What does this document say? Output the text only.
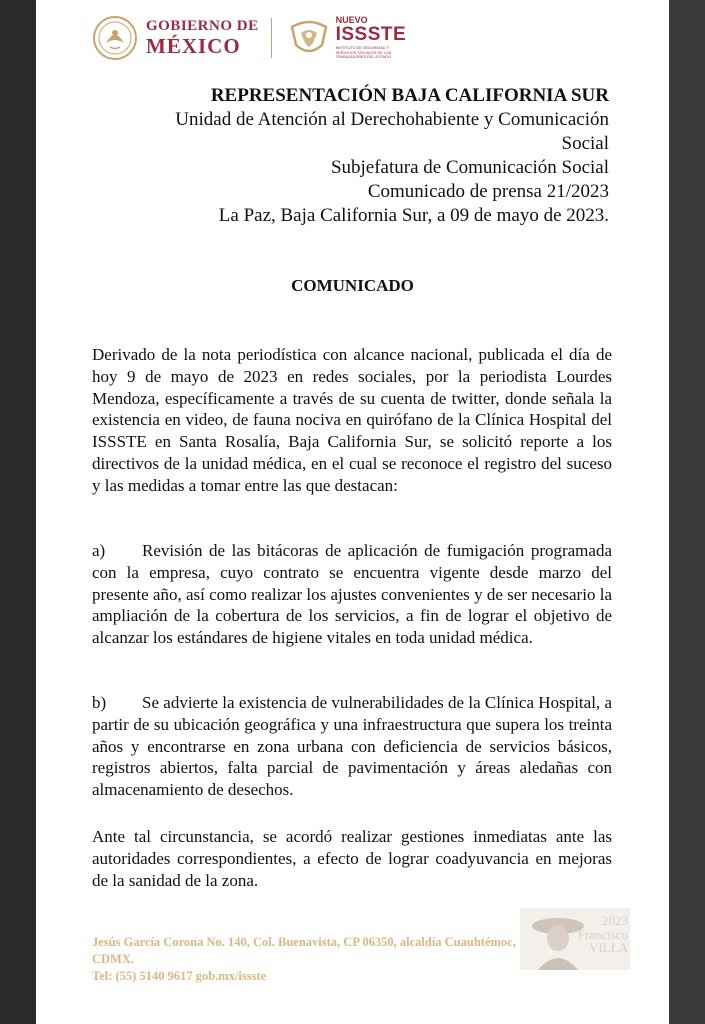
GOBIERNO DE
MÉXICO
NUEVO
ISSSTE
INSTITUTO DE SEGURIDAD Y SERVICIOS SOCIALES DE LOS TRABAJADORES DEL ESTADO
REPRESENTACIÓN BAJA CALIFORNIA SUR
Unidad de Atención al Derechohabiente y Comunicación
Social
Subjefatura de Comunicación Social
Comunicado de prensa 21/2023
La Paz, Baja California Sur, a 09 de mayo de 2023.
COMUNICADO
Derivado de la nota periodística con alcance nacional, publicada el día de hoy 9 de mayo de 2023 en redes sociales, por la periodista Lourdes Mendoza, específicamente a través de su cuenta de twitter, donde señala la existencia en video, de fauna nociva en quirófano de la Clínica Hospital del ISSSTE en Santa Rosalía, Baja California Sur, se solicitó reporte a los directivos de la unidad médica, en el cual se reconoce el registro del suceso y las medidas a tomar entre las que destacan:
a) Revisión de las bitácoras de aplicación de fumigación programada con la empresa, cuyo contrato se encuentra vigente desde marzo del presente año, así como realizar los ajustes convenientes y de ser necesario la ampliación de la cobertura de los servicios, a fin de lograr el objetivo de alcanzar los estándares de higiene vitales en toda unidad médica.
b) Se advierte la existencia de vulnerabilidades de la Clínica Hospital, a partir de su ubicación geográfica y una infraestructura que supera los treinta años y encontrarse en zona urbana con deficiencia de servicios básicos, registros abiertos, falta parcial de pavimentación y áreas aledañas con almacenamiento de desechos.
Ante tal circunstancia, se acordó realizar gestiones inmediatas ante las autoridades correspondientes, a efecto de lograr coadyuvancia en mejoras de la sanidad de la zona.
2023
Francisco
VILLA
Jesús García Corona No. 140, Col. Buenavista, CP 06350, alcaldía Cuauhtémoc,
CDMX.
Tel: (55) 5140 9617 gob.mx/issste
